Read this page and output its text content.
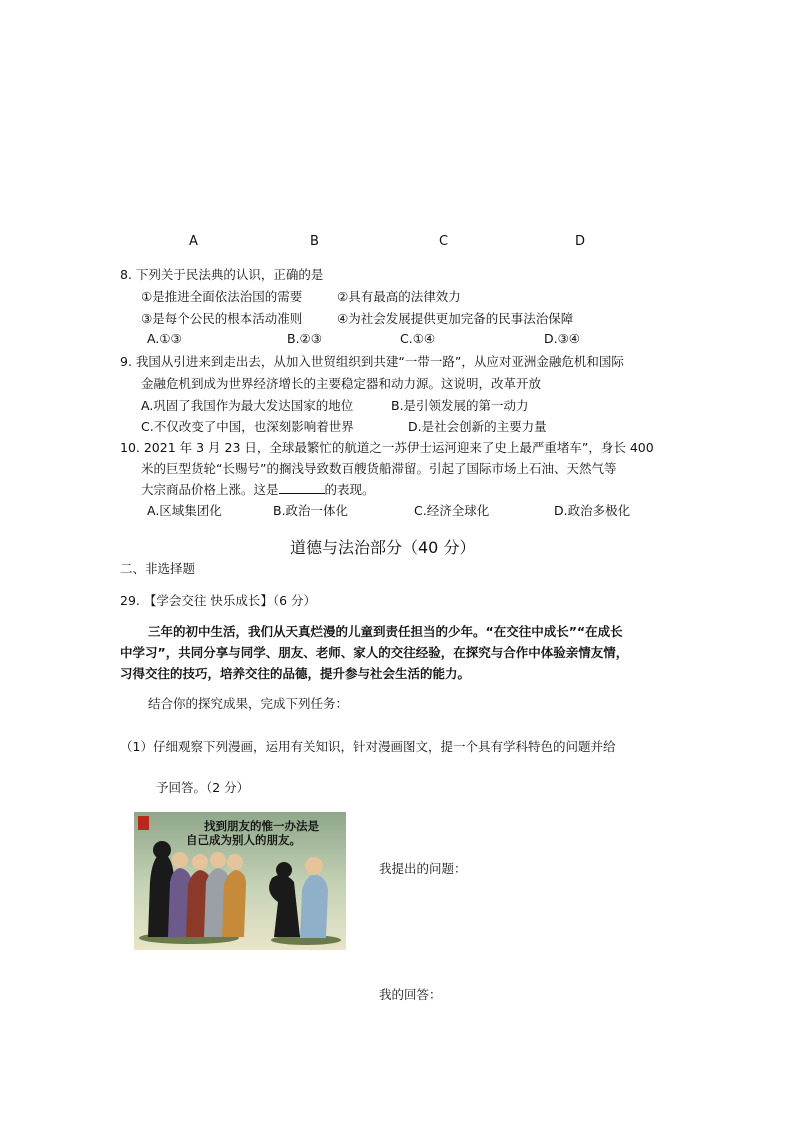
A	B	C	D
8. 下列关于民法典的认识，正确的是
①是推进全面依法治国的需要	②具有最高的法律效力
③是每个公民的根本活动准则	④为社会发展提供更加完备的民事法治保障
A.①③	B.②③	C.①④	D.③④
9. 我国从引进来到走出去，从加入世贸组织到共建“一带一路”，从应对亚洲金融危机和国际
金融危机到成为世界经济增长的主要稳定器和动力源。这说明，改革开放
A.巩固了我国作为最大发达国家的地位	B.是引领发展的第一动力
C.不仅改变了中国，也深刻影响着世界	D.是社会创新的主要力量
10. 2021 年 3 月 23 日，全球最繁忙的航道之一苏伊士运河迎来了史上最严重堵车”，身长 400
米的巨型货轮“长赐号”的搁浅导致数百艘货船滞留。引起了国际市场上石油、天然气等
大宗商品价格上涨。这是	的表现。
A.区域集团化	B.政治一体化	C.经济全球化	D.政治多极化
道德与法治部分（40 分）
二、非选择题
29. 【学会交往 快乐成长】（6 分）
三年的初中生活，我们从天真烂漫的儿童到责任担当的少年。“在交往中成长”“在成长
中学习”，共同分享与同学、朋友、老师、家人的交往经验，在探究与合作中体验亲情友情，
习得交往的技巧，培养交往的品德，提升参与社会生活的能力。
结合你的探究成果，完成下列任务：
（1）仔细观察下列漫画，运用有关知识，针对漫画图文，提一个具有学科特色的问题并给
予回答。（2 分）
找到朋友的惟一办法是
自己成为别人的朋友。
我提出的问题：
我的回答：
